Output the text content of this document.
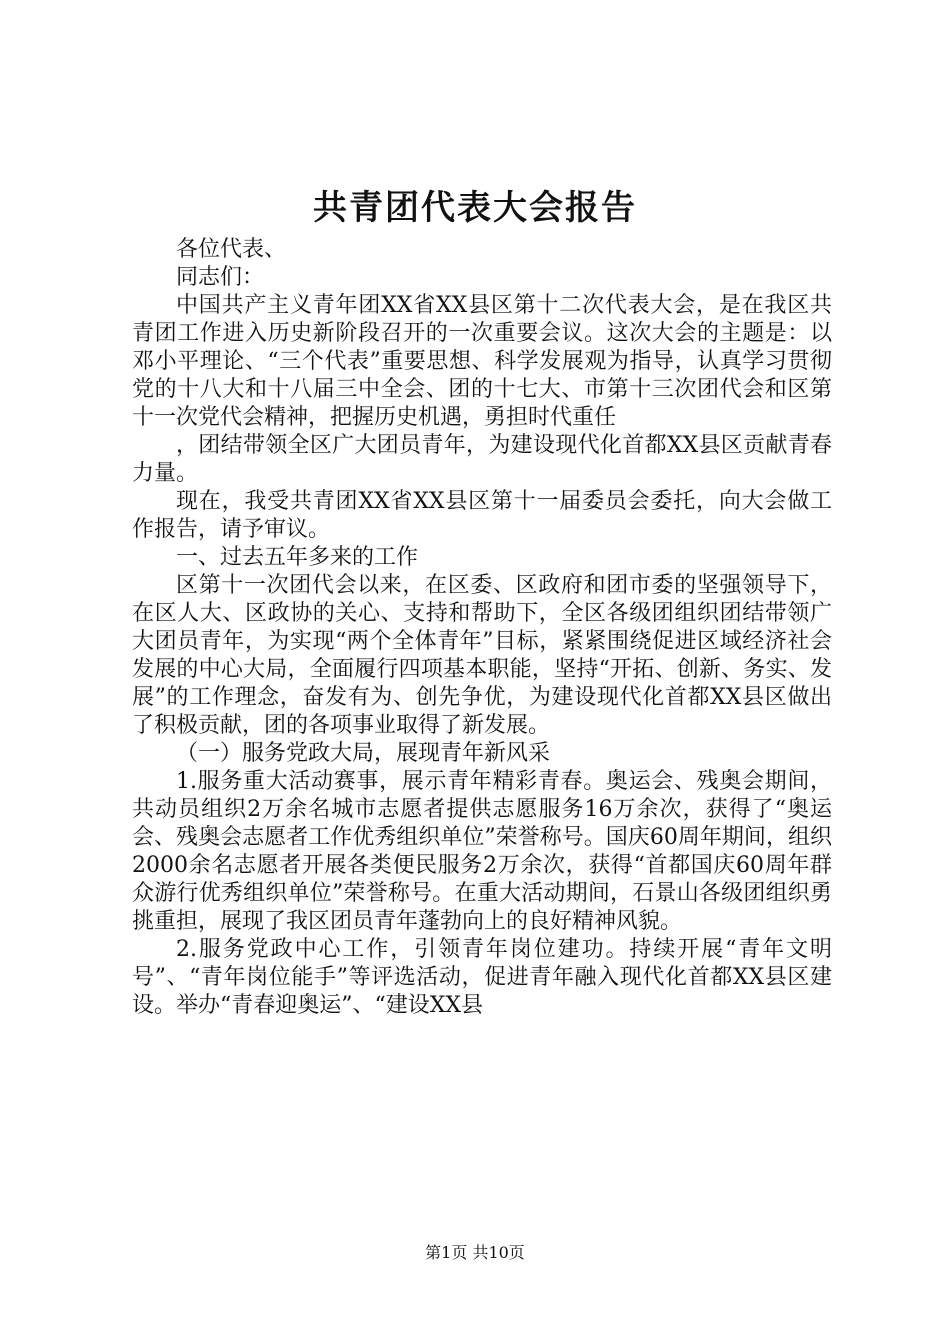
共青团代表大会报告

各位代表、

同志们：

中国共产主义青年团XX省XX县区第十二次代表大会，是在我区共青团工作进入历史新阶段召开的一次重要会议。这次大会的主题是：以邓小平理论、“三个代表”重要思想、科学发展观为指导，认真学习贯彻党的十八大和十八届三中全会、团的十七大、市第十三次团代会和区第十一次党代会精神，把握历史机遇，勇担时代重任

，团结带领全区广大团员青年，为建设现代化首都XX县区贡献青春力量。

现在，我受共青团XX省XX县区第十一届委员会委托，向大会做工作报告，请予审议。

一、过去五年多来的工作

区第十一次团代会以来，在区委、区政府和团市委的坚强领导下，在区人大、区政协的关心、支持和帮助下，全区各级团组织团结带领广大团员青年，为实现“两个全体青年”目标，紧紧围绕促进区域经济社会发展的中心大局，全面履行四项基本职能，坚持“开拓、创新、务实、发展”的工作理念，奋发有为、创先争优，为建设现代化首都XX县区做出了积极贡献，团的各项事业取得了新发展。

（一）服务党政大局，展现青年新风采

1.服务重大活动赛事，展示青年精彩青春。奥运会、残奥会期间，共动员组织2万余名城市志愿者提供志愿服务16万余次，获得了“奥运会、残奥会志愿者工作优秀组织单位”荣誉称号。国庆60周年期间，组织2000余名志愿者开展各类便民服务2万余次，获得“首都国庆60周年群众游行优秀组织单位”荣誉称号。在重大活动期间，石景山各级团组织勇挑重担，展现了我区团员青年蓬勃向上的良好精神风貌。

2.服务党政中心工作，引领青年岗位建功。持续开展“青年文明号”、“青年岗位能手”等评选活动，促进青年融入现代化首都XX县区建设。举办“青春迎奥运”、“建设XX县

第1页 共10页
